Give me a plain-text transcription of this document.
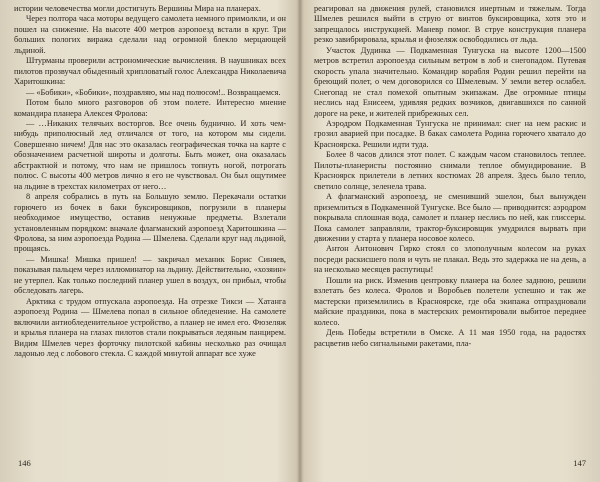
истории человечества могли достигнуть Вершины Мира на планерах.

Через полтора часа моторы ведущего самолета немного примолкли, и он пошел на снижение. На высоте 400 метров аэропоезд встали в круг. Три больших пологих виража сделали над огромной блекло мерцающей льдиной.

Штурманы проверили астрономические вычисления. В наушниках всех пилотов прозвучал обыденный хрипловатый голос Александра Николаевича Харитошкина:

— «Бобики», «Бобики», поздравляю, мы над полюсом!.. Возвращаемся.

Потом было много разговоров об этом полете. Интересно мнение командира планера Алексея Фролова:

— …Никаких телячьих восторгов. Все очень буднично. И хоть чем-нибудь приполюсный лед отличался от того, на котором мы сидели. Совершенно ничем! Для нас это оказалась географическая точка на карте с обозначением расчетной широты и долготы. Быть может, она оказалась абстрактной и потому, что нам не пришлось топнуть ногой, потрогать полюс. С высоты 400 метров лично я его не чувствовал. Он был ощутимее на льдине в трехстах километрах от него…

8 апреля собрались в путь на Большую землю. Перекачали остатки горючего из бочек в баки буксировщиков, погрузили в планеры необходимое имущество, оставив ненужные предметы. Взлетали установленным порядком: вначале флагманский аэропоезд Харитошкина — Фролова, за ним аэропоезда Родина — Шмелева. Сделали круг над льдиной, прощаясь.

— Мишка! Мишка пришел! — закричал механик Борис Синяев, показывая пальцем через иллюминатор на льдину. Действительно, «хозяин» не утерпел. Как только последний планер ушел в воздух, он прибыл, чтобы обследовать лагерь.

Арктика с трудом отпускала аэропоезда. На отрезке Тикси — Хатанга аэропоезд Родина — Шмелева попал в сильное обледенение. На самолете включили антиобледенительное устройство, а планер не имел его. Фюзеляж и крылья планера на глазах пилотов стали покрываться ледяным панцирем. Видим Шмелев через форточку пилотской кабины несколько раз очищал ладонью лед с лобового стекла. С каждой минутой аппарат все хуже

146

реагировал на движения рулей, становился инертным и тяжелым. Тогда Шмелев решился выйти в струю от винтов буксировщика, хотя это и запрещалось инструкцией. Маневр помог. В струе конструкция планера резко завибрировала, крылья и фюзеляж освободились от льда.

Участок Дудинка — Подкаменная Тунгуска на высоте 1200—1500 метров встретил аэропоезда сильным ветром в лоб и снегопадом. Путевая скорость упала значительно. Командир корабля Родин решил перейти на бреющий полет, о чем договорился со Шмелевым. У земли ветер ослабел. Снегопад не стал помехой опытным экипажам. Две огромные птицы неслись над Енисеем, удивляя редких возчиков, двигавшихся по санной дороге на реке, и жителей прибрежных сел.

Аэродром Подкаменная Тунгуска не принимал: снег на нем раскис и грозил аварией при посадке. В баках самолета Родина горючего хватало до Красноярска. Решили идти туда.

Более 8 часов длился этот полет. С каждым часом становилось теплее. Пилоты-планеристы постоянно снимали теплое обмундирование. В Красноярск прилетели в летних костюмах 28 апреля. Здесь было тепло, светило солнце, зеленела трава.

А флагманский аэропоезд, не сменивший эшелон, был вынужден приземлиться в Подкаменной Тунгуске. Все было — приводнится: аэродром покрывала сплошная вода, самолет и планер неслись по ней, как глиссеры. Пока самолет заправляли, трактор-буксировщик умудрился вырвать при движении у старта у планера носовое колесо.

Антон Антонович Гирко стоял со злополучным колесом на руках посреди раскисшего поля и чуть не плакал. Ведь это задержка не на день, а на несколько месяцев распутицы!

Пошли на риск. Изменив центровку планера на более заднюю, решили взлетать без колеса. Фролов и Воробьев полетели успешно и так же мастерски приземлились в Красноярске, где оба экипажа отпраздновали майские праздники, пока в мастерских ремонтировали выбитое переднее колесо.

День Победы встретили в Омске. А 11 мая 1950 года, на радостях расцветив небо сигнальными ракетами, пла-

147
